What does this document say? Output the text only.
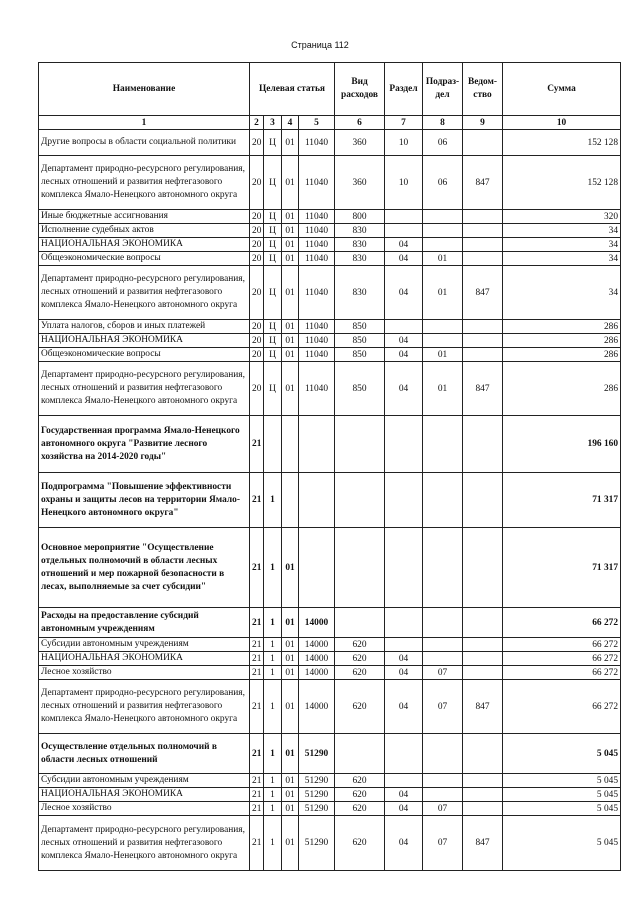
Страница 112
Наименование	Целевая статья				Вид расходов	Раздел	Подраз-дел	Ведом-ство	Сумма
1	2	3	4	5	6	7	8	9	10
Другие вопросы в области социальной политики	20	Ц	01	11040	360	10	06		152 128
Департамент природно-ресурсного регулирования, лесных отношений и развития нефтегазового комплекса Ямало-Ненецкого автономного округа	20	Ц	01	11040	360	10	06	847	152 128
Иные бюджетные ассигнования	20	Ц	01	11040	800				320
Исполнение судебных актов	20	Ц	01	11040	830				34
НАЦИОНАЛЬНАЯ ЭКОНОМИКА	20	Ц	01	11040	830	04			34
Общеэкономические вопросы	20	Ц	01	11040	830	04	01		34
Департамент природно-ресурсного регулирования, лесных отношений и развития нефтегазового комплекса Ямало-Ненецкого автономного округа	20	Ц	01	11040	830	04	01	847	34
Уплата налогов, сборов и иных платежей	20	Ц	01	11040	850				286
НАЦИОНАЛЬНАЯ ЭКОНОМИКА	20	Ц	01	11040	850	04			286
Общеэкономические вопросы	20	Ц	01	11040	850	04	01		286
Департамент природно-ресурсного регулирования, лесных отношений и развития нефтегазового комплекса Ямало-Ненецкого автономного округа	20	Ц	01	11040	850	04	01	847	286
Государственная программа Ямало-Ненецкого автономного округа "Развитие лесного хозяйства на 2014-2020 годы"	21								196 160
Подпрограмма "Повышение эффективности охраны и защиты лесов на территории Ямало-Ненецкого автономного округа"	21	1							71 317
Основное мероприятие "Осуществление отдельных полномочий в области лесных отношений и мер пожарной безопасности в лесах, выполняемые за счет субсидии"	21	1	01						71 317
Расходы на предоставление субсидий автономным учреждениям	21	1	01	14000					66 272
Субсидии автономным учреждениям	21	1	01	14000	620				66 272
НАЦИОНАЛЬНАЯ ЭКОНОМИКА	21	1	01	14000	620	04			66 272
Лесное хозяйство	21	1	01	14000	620	04	07		66 272
Департамент природно-ресурсного регулирования, лесных отношений и развития нефтегазового комплекса Ямало-Ненецкого автономного округа	21	1	01	14000	620	04	07	847	66 272
Осуществление отдельных полномочий в области лесных отношений	21	1	01	51290					5 045
Субсидии автономным учреждениям	21	1	01	51290	620				5 045
НАЦИОНАЛЬНАЯ ЭКОНОМИКА	21	1	01	51290	620	04			5 045
Лесное хозяйство	21	1	01	51290	620	04	07		5 045
Департамент природно-ресурсного регулирования, лесных отношений и развития нефтегазового комплекса Ямало-Ненецкого автономного округа	21	1	01	51290	620	04	07	847	5 045
